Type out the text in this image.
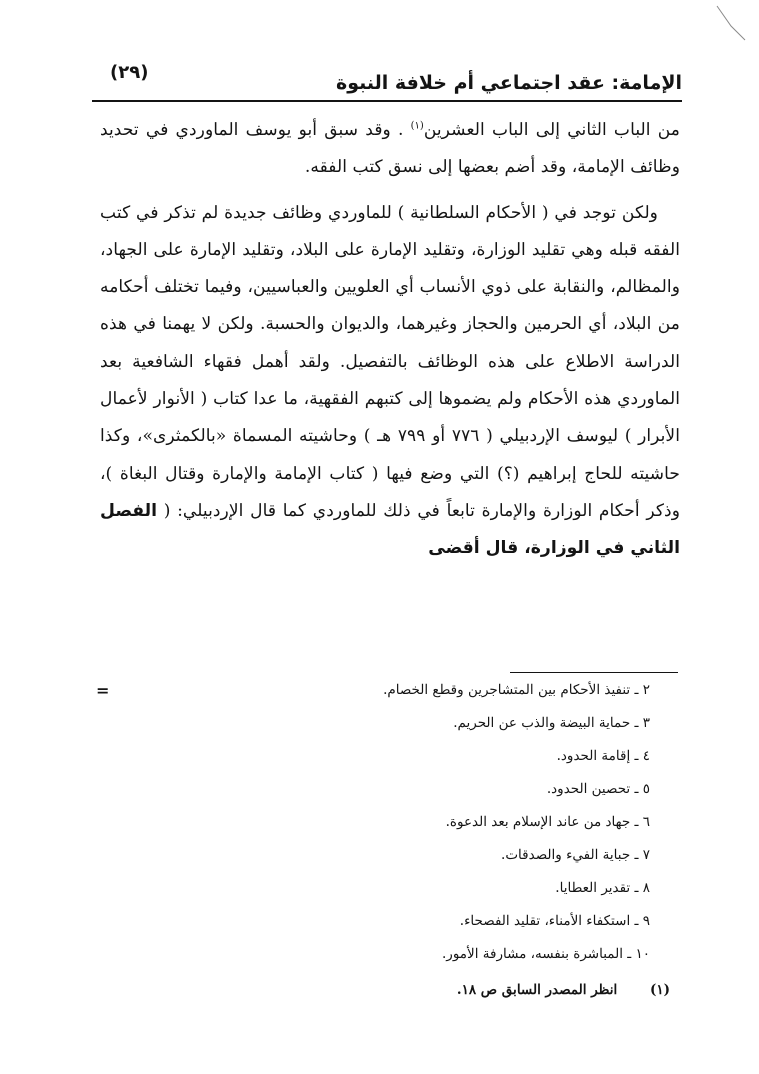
الإمامة: عقد اجتماعي أم خلافة النبوة
(٢٩)

من الباب الثاني إلى الباب العشرين$^{(١)}$ . وقد سبق أبو يوسف الماوردي في تحديد وظائف الإمامة، وقد أضم بعضها إلى نسق كتب الفقه.

ولكن توجد في ( الأحكام السلطانية ) للماوردي وظائف جديدة لم تذكر في كتب الفقه قبله وهي تقليد الوزارة، وتقليد الإمارة على البلاد، وتقليد الإمارة على الجهاد، والمظالم، والنقابة على ذوي الأنساب أي العلويين والعباسيين، وفيما تختلف أحكامه من البلاد، أي الحرمين والحجاز وغيرهما، والديوان والحسبة. ولكن لا يهمنا في هذه الدراسة الاطلاع على هذه الوظائف بالتفصيل. ولقد أهمل فقهاء الشافعية بعد الماوردي هذه الأحكام ولم يضموها إلى كتبهم الفقهية، ما عدا كتاب ( الأنوار لأعمال الأبرار ) ليوسف الإردبيلي ( ٧٧٦ أو ٧٩٩ هـ ) وحاشيته المسماة «بالكمثرى»، وكذا حاشيته للحاج إبراهيم (؟) التي وضع فيها ( كتاب الإمامة والإمارة وقتال البغاة )، وذكر أحكام الوزارة والإمارة تابعاً في ذلك للماوردي كما قال الإردبيلي: ( الفصل الثاني في الوزارة، قال أقضى

=	٢ ـ تنفيذ الأحكام بين المتشاجرين وقطع الخصام.
٣ ـ حماية البيضة والذب عن الحريم.
٤ ـ إقامة الحدود.
٥ ـ تحصين الحدود.
٦ ـ جهاد من عاند الإسلام بعد الدعوة.
٧ ـ جباية الفيء والصدقات.
٨ ـ تقدير العطايا.
٩ ـ استكفاء الأمناء، تقليد الفصحاء.
١٠ ـ المباشرة بنفسه، مشارفة الأمور.
(١) انظر المصدر السابق ص ١٨.
